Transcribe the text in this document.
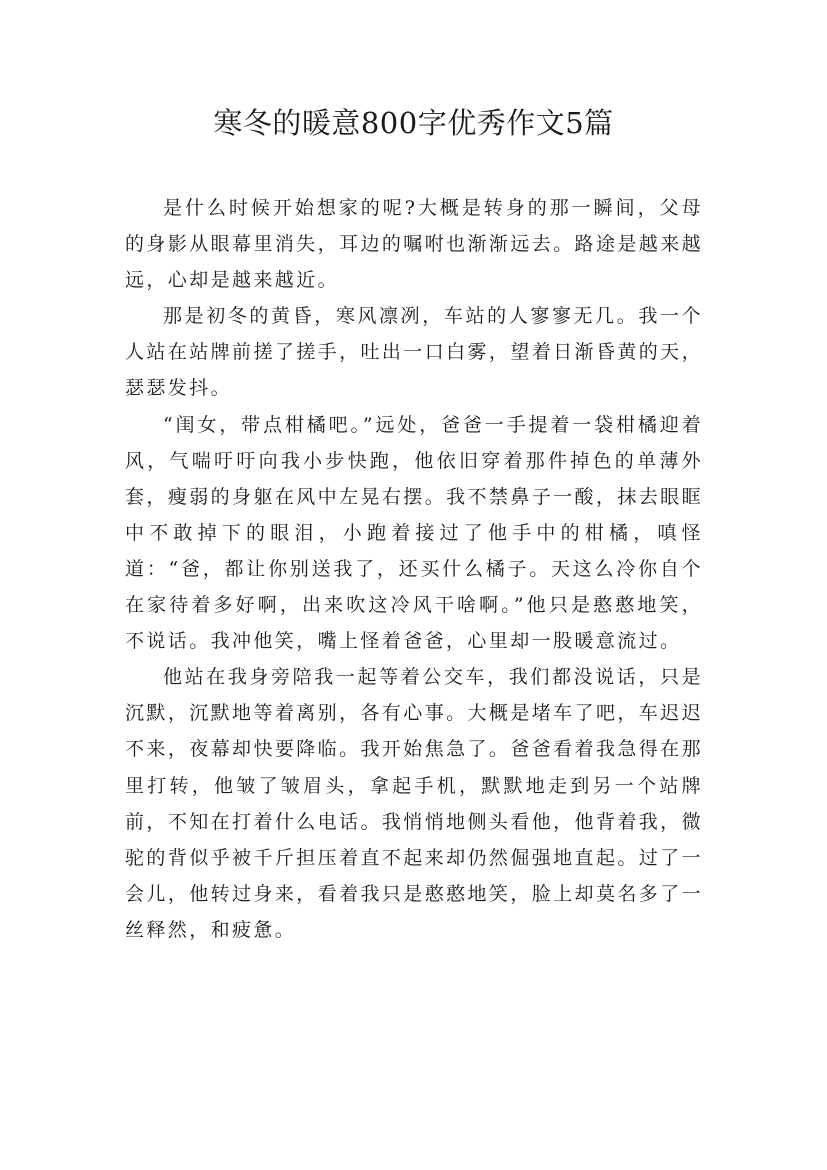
寒冬的暖意800字优秀作文5篇

是什么时候开始想家的呢?大概是转身的那一瞬间，父母的身影从眼幕里消失，耳边的嘱咐也渐渐远去。路途是越来越远，心却是越来越近。

那是初冬的黄昏，寒风凛冽，车站的人寥寥无几。我一个人站在站牌前搓了搓手，吐出一口白雾，望着日渐昏黄的天，瑟瑟发抖。

“闺女，带点柑橘吧。”远处，爸爸一手提着一袋柑橘迎着风，气喘吁吁向我小步快跑，他依旧穿着那件掉色的单薄外套，瘦弱的身躯在风中左晃右摆。我不禁鼻子一酸，抹去眼眶中不敢掉下的眼泪，小跑着接过了他手中的柑橘，嗔怪道：“爸，都让你别送我了，还买什么橘子。天这么冷你自个在家待着多好啊，出来吹这冷风干啥啊。”他只是憨憨地笑，不说话。我冲他笑，嘴上怪着爸爸，心里却一股暖意流过。

他站在我身旁陪我一起等着公交车，我们都没说话，只是沉默，沉默地等着离别，各有心事。大概是堵车了吧，车迟迟不来，夜幕却快要降临。我开始焦急了。爸爸看着我急得在那里打转，他皱了皱眉头，拿起手机，默默地走到另一个站牌前，不知在打着什么电话。我悄悄地侧头看他，他背着我，微驼的背似乎被千斤担压着直不起来却仍然倔强地直起。过了一会儿，他转过身来，看着我只是憨憨地笑，脸上却莫名多了一丝释然，和疲惫。
